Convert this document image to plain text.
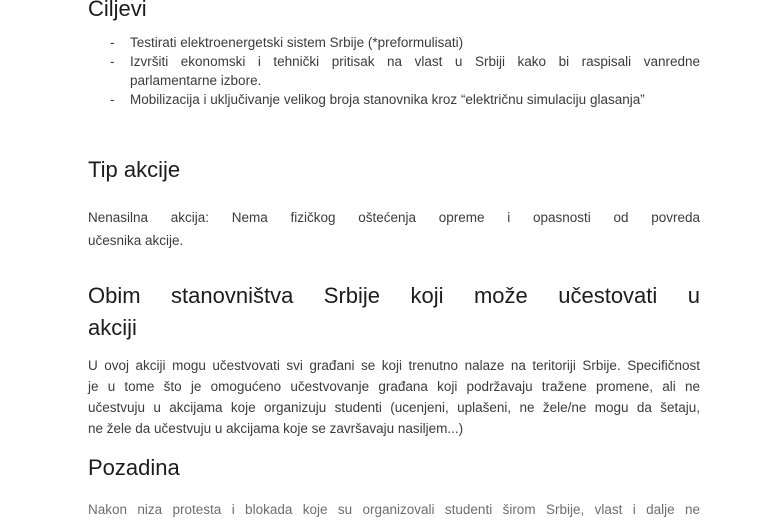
Ciljevi
-	Testirati elektroenergetski sistem Srbije (*preformulisati)
-	Izvršiti ekonomski i tehnički pritisak na vlast u Srbiji kako bi raspisali vanredne
parlamentarne izbore.
-	Mobilizacija i uključivanje velikog broja stanovnika kroz “električnu simulaciju glasanja”
Tip akcije
Nenasilna akcija: Nema fizičkog oštećenja opreme i opasnosti od povreda
učesnika akcije.
Obim stanovništva Srbije koji može učestovati u
akciji
U ovoj akciji mogu učestvovati svi građani se koji trenutno nalaze na teritoriji Srbije. Specifičnost
je u tome što je omogućeno učestvovanje građana koji podržavaju tražene promene, ali ne
učestvuju u akcijama koje organizuju studenti (ucenjeni, uplašeni, ne žele/ne mogu da šetaju,
ne žele da učestvuju u akcijama koje se završavaju nasiljem...)
Pozadina
Nakon niza protesta i blokada koje su organizovali studenti širom Srbije, vlast i dalje ne
